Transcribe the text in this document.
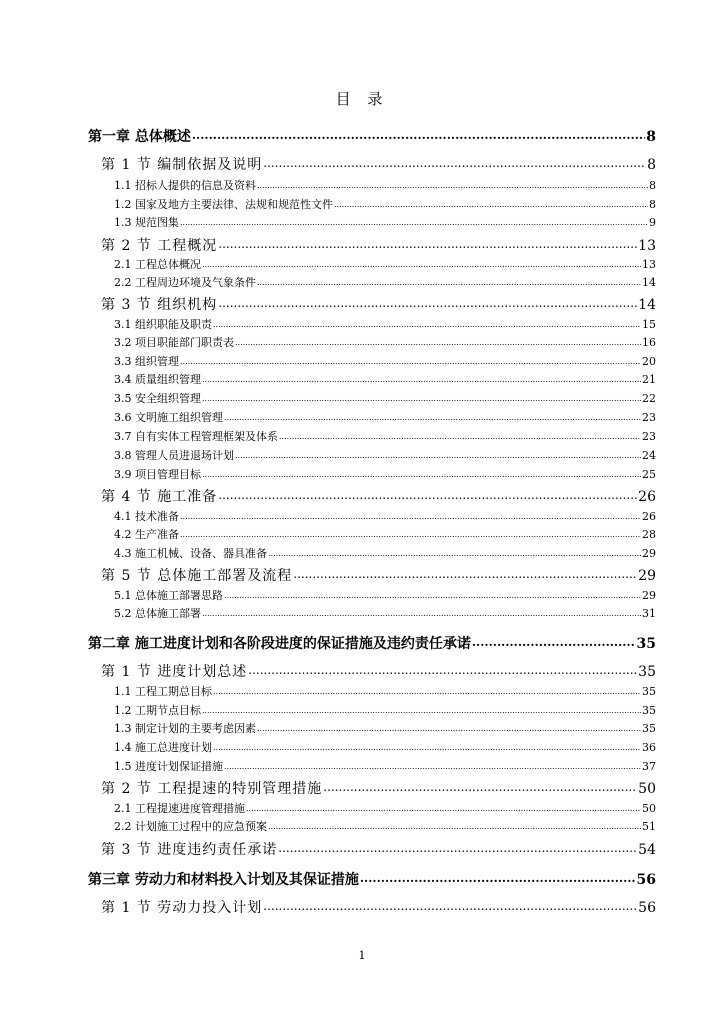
目 录
第一章 总体概述 .....	8
第 1 节 编制依据及说明 .....	8
1.1 招标人提供的信息及资料 .....	8
1.2 国家及地方主要法律、法规和规范性文件 .....	8
1.3 规范图集 .....	9
第 2 节 工程概况 .....	13
2.1 工程总体概况 .....	13
2.2 工程周边环境及气象条件 .....	14
第 3 节 组织机构 .....	14
3.1 组织职能及职责 .....	15
3.2 项目职能部门职责表 .....	16
3.3 组织管理 .....	20
3.4 质量组织管理 .....	21
3.5 安全组织管理 .....	22
3.6 文明施工组织管理 .....	23
3.7 自有实体工程管理框架及体系 .....	23
3.8 管理人员进退场计划 .....	24
3.9 项目管理目标 .....	25
第 4 节 施工准备 .....	26
4.1 技术准备 .....	26
4.2 生产准备 .....	28
4.3 施工机械、设备、器具准备 .....	29
第 5 节 总体施工部署及流程 .....	29
5.1 总体施工部署思路 .....	29
5.2 总体施工部署 .....	31
第二章 施工进度计划和各阶段进度的保证措施及违约责任承诺 .....	35
第 1 节 进度计划总述 .....	35
1.1 工程工期总目标 .....	35
1.2 工期节点目标 .....	35
1.3 制定计划的主要考虑因素 .....	35
1.4 施工总进度计划 .....	36
1.5 进度计划保证措施 .....	37
第 2 节 工程提速的特别管理措施 .....	50
2.1 工程提速进度管理措施 .....	50
2.2 计划施工过程中的应急预案 .....	51
第 3 节 进度违约责任承诺 .....	54
第三章 劳动力和材料投入计划及其保证措施 .....	56
第 1 节 劳动力投入计划 .....	56
1
